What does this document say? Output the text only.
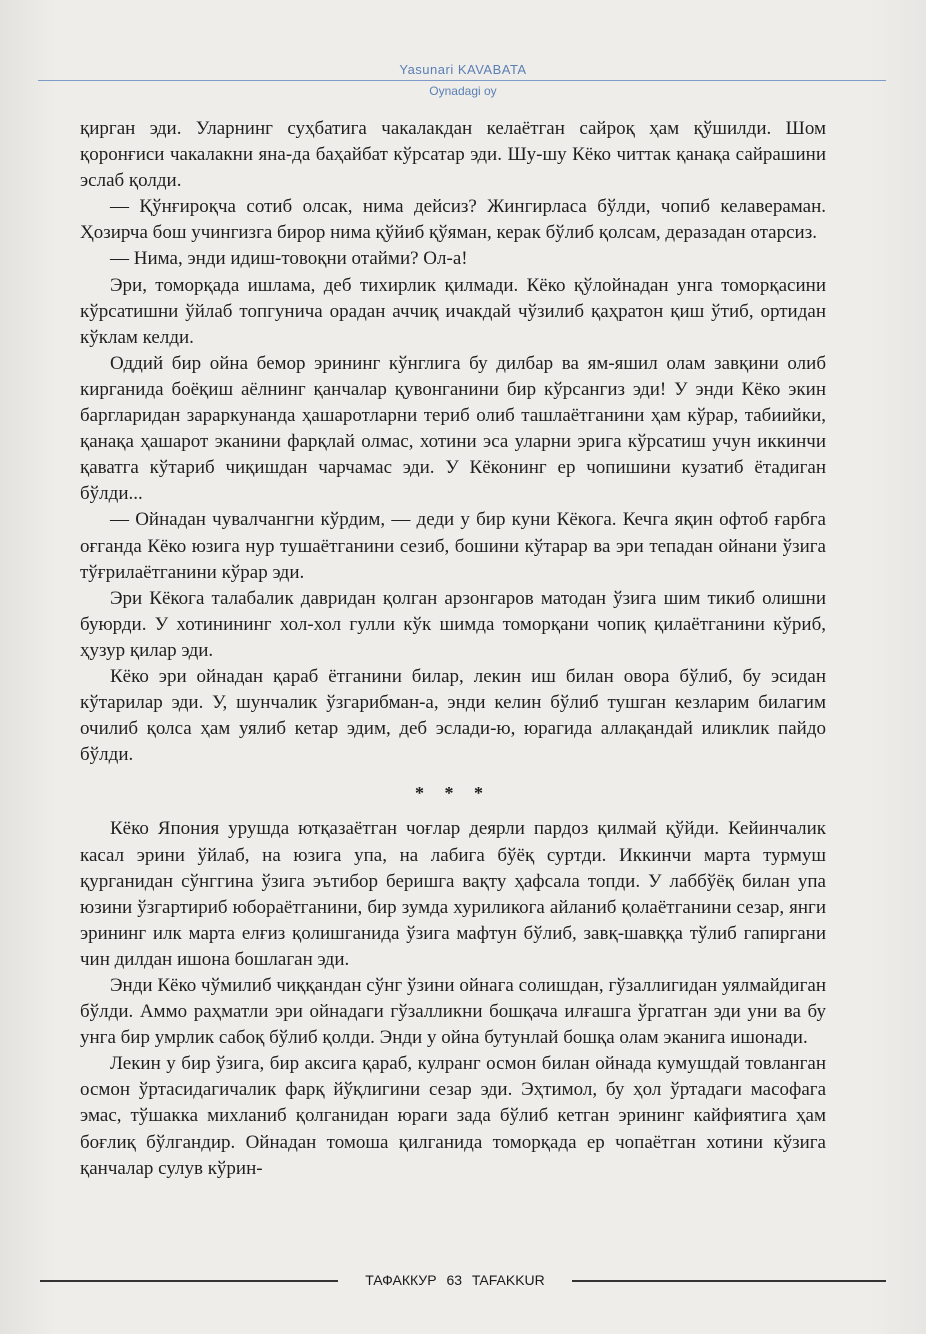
Yasunari KAVABATA
Oynadagi oy

қирган эди. Уларнинг суҳбатига чакалакдан келаётган сайроқ ҳам қўшилди. Шом қоронғиси чакалакни яна-да баҳайбат кўрсатар эди. Шу-шу Кёко читтак қанақа сайрашини эслаб қолди.

— Қўнғироқча сотиб олсак, нима дейсиз? Жингирласа бўлди, чопиб келавераман. Ҳозирча бош учингизга бирор нима қўйиб қўяман, керак бўлиб қолсам, деразадан отарсиз.

— Нима, энди идиш-товоқни отайми? Ол-а!

Эри, томорқада ишлама, деб тихирлик қилмади. Кёко қўлойнадан унга томорқасини кўрсатишни ўйлаб топгунича орадан аччиқ ичакдай чўзилиб қаҳратон қиш ўтиб, ортидан кўклам келди.

Оддий бир ойна бемор эрининг кўнглига бу дилбар ва ям-яшил олам завқини олиб кирганида боёқиш аёлнинг қанчалар қувонганини бир кўрсангиз эди! У энди Кёко экин баргларидан зараркунанда ҳашаротларни териб олиб ташлаётганини ҳам кўрар, табиийки, қанақа ҳашарот эканини фарқлай олмас, хотини эса уларни эрига кўрсатиш учун иккинчи қаватга кўтариб чиқишдан чарчамас эди. У Кёконинг ер чопишини кузатиб ётадиган бўлди...

— Ойнадан чувалчангни кўрдим, — деди у бир куни Кёкога. Кечга яқин офтоб ғарбга оғганда Кёко юзига нур тушаётганини сезиб, бошини кўтарар ва эри тепадан ойнани ўзига тўғрилаётганини кўрар эди.

Эри Кёкога талабалик давридан қолган арзонгаров матодан ўзига шим тикиб олишни буюрди. У хотинининг хол-хол гулли кўк шимда томорқани чопиқ қилаётганини кўриб, ҳузур қилар эди.

Кёко эри ойнадан қараб ётганини билар, лекин иш билан овора бўлиб, бу эсидан кўтарилар эди. У, шунчалик ўзгарибман-а, энди келин бўлиб тушган кезларим билагим очилиб қолса ҳам уялиб кетар эдим, деб эслади-ю, юрагида аллақандай иликлик пайдо бўлди.

* * *

Кёко Япония урушда ютқазаётган чоғлар деярли пардоз қилмай қўйди. Кейинчалик касал эрини ўйлаб, на юзига упа, на лабига бўёқ суртди. Иккинчи марта турмуш қурганидан сўнггина ўзига эътибор беришга вақту ҳафсала топди. У лаббўёқ билан упа юзини ўзгартириб юбораётганини, бир зумда хуриликога айланиб қолаётганини сезар, янги эрининг илк марта елғиз қолишганида ўзига мафтун бўлиб, завқ-шавққа тўлиб гапиргани чин дилдан ишона бошлаган эди.

Энди Кёко чўмилиб чиққандан сўнг ўзини ойнага солишдан, гўзаллигидан уялмайдиган бўлди. Аммо раҳматли эри ойнадаги гўзалликни бошқача илғашга ўргатган эди уни ва бу унга бир умрлик сабоқ бўлиб қолди. Энди у ойна бутунлай бошқа олам эканига ишонади.

Лекин у бир ўзига, бир аксига қараб, кулранг осмон билан ойнада кумушдай товланган осмон ўртасидагичалик фарқ йўқлигини сезар эди. Эҳтимол, бу ҳол ўртадаги масофага эмас, тўшакка михланиб қолганидан юраги зада бўлиб кетган эрининг кайфиятига ҳам боғлиқ бўлгандир. Ойнадан томоша қилганида томорқада ер чопаётган хотини кўзига қанчалар сулув кўрин-

ТАФАККУР 63 TAFAKKUR
